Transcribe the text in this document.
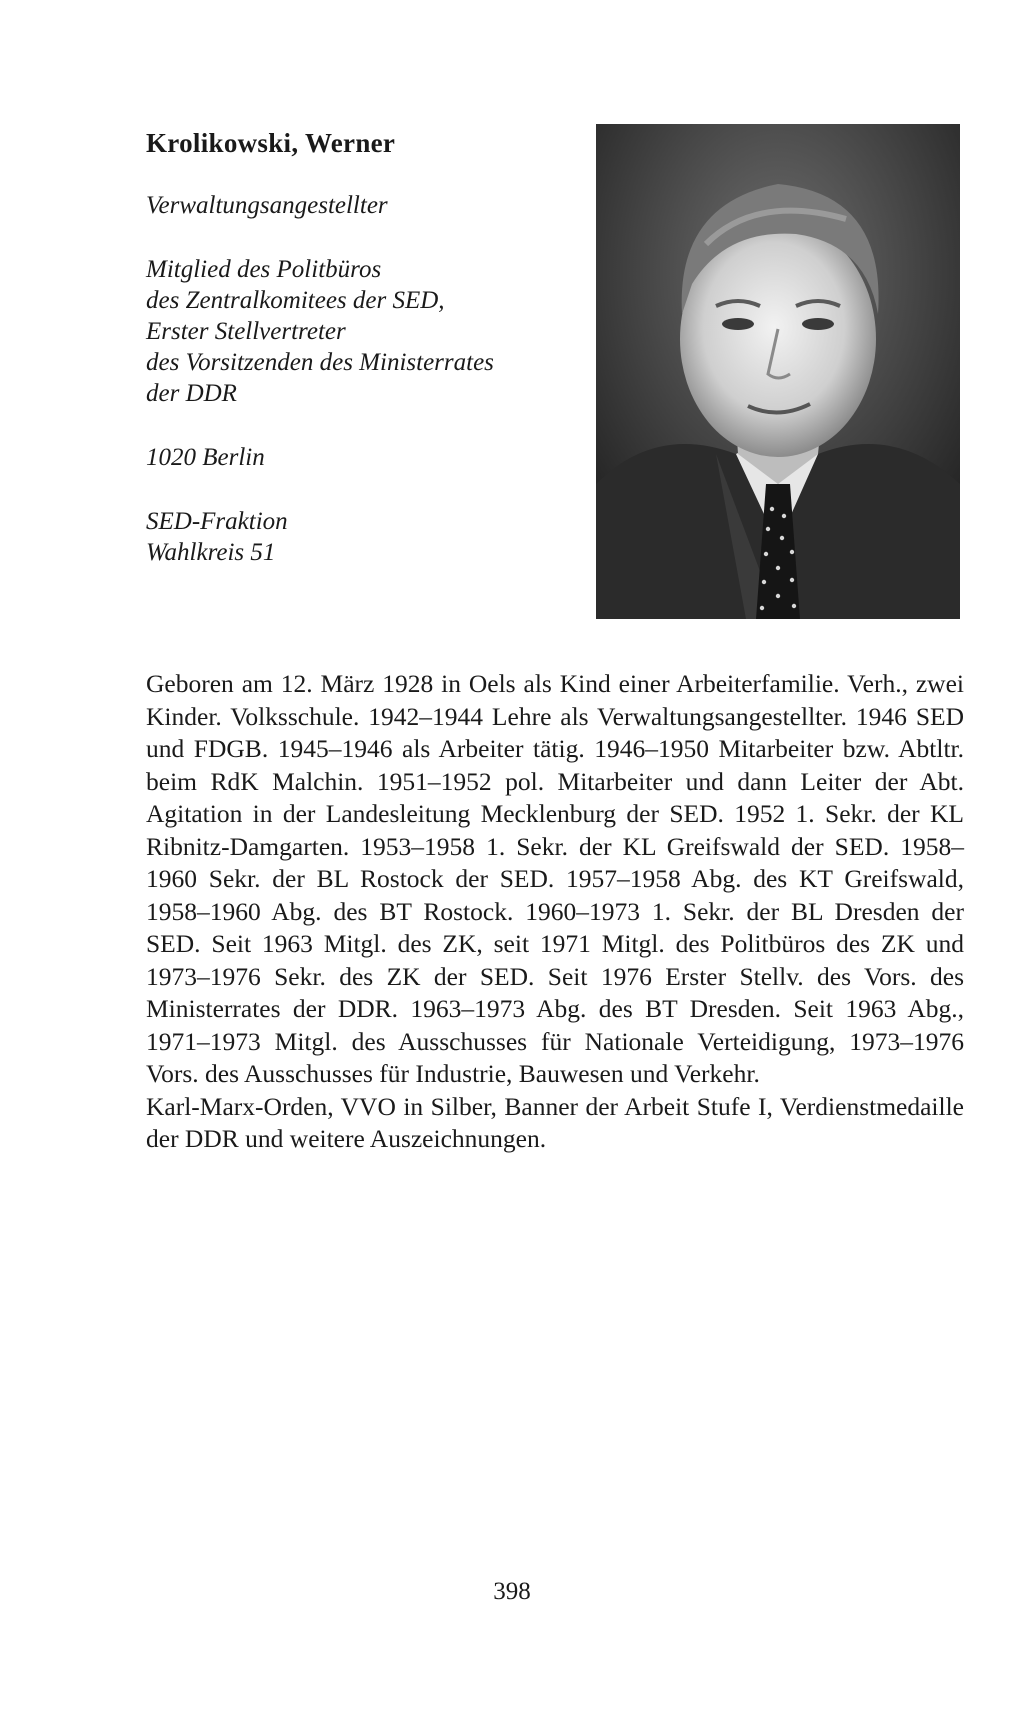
Krolikowski, Werner
Verwaltungsangestellter
Mitglied des Politbüros
des Zentralkomitees der SED,
Erster Stellvertreter
des Vorsitzenden des Ministerrates
der DDR
1020 Berlin
SED-Fraktion
Wahlkreis 51

Geboren am 12. März 1928 in Oels als Kind einer Arbeiterfamilie. Verh., zwei Kinder. Volksschule. 1942–1944 Lehre als Verwaltungsangestellter. 1946 SED und FDGB. 1945–1946 als Arbeiter tätig. 1946–1950 Mitarbeiter bzw. Abtltr. beim RdK Malchin. 1951–1952 pol. Mitarbeiter und dann Leiter der Abt. Agitation in der Landesleitung Mecklenburg der SED. 1952 1. Sekr. der KL Ribnitz-Damgarten. 1953–1958 1. Sekr. der KL Greifswald der SED. 1958–1960 Sekr. der BL Rostock der SED. 1957–1958 Abg. des KT Greifswald, 1958–1960 Abg. des BT Rostock. 1960–1973 1. Sekr. der BL Dresden der SED. Seit 1963 Mitgl. des ZK, seit 1971 Mitgl. des Politbüros des ZK und 1973–1976 Sekr. des ZK der SED. Seit 1976 Erster Stellv. des Vors. des Ministerrates der DDR. 1963–1973 Abg. des BT Dresden. Seit 1963 Abg., 1971–1973 Mitgl. des Ausschusses für Nationale Verteidigung, 1973–1976 Vors. des Ausschusses für Industrie, Bauwesen und Verkehr.

Karl-Marx-Orden, VVO in Silber, Banner der Arbeit Stufe I, Verdienstmedaille der DDR und weitere Auszeichnungen.

398
